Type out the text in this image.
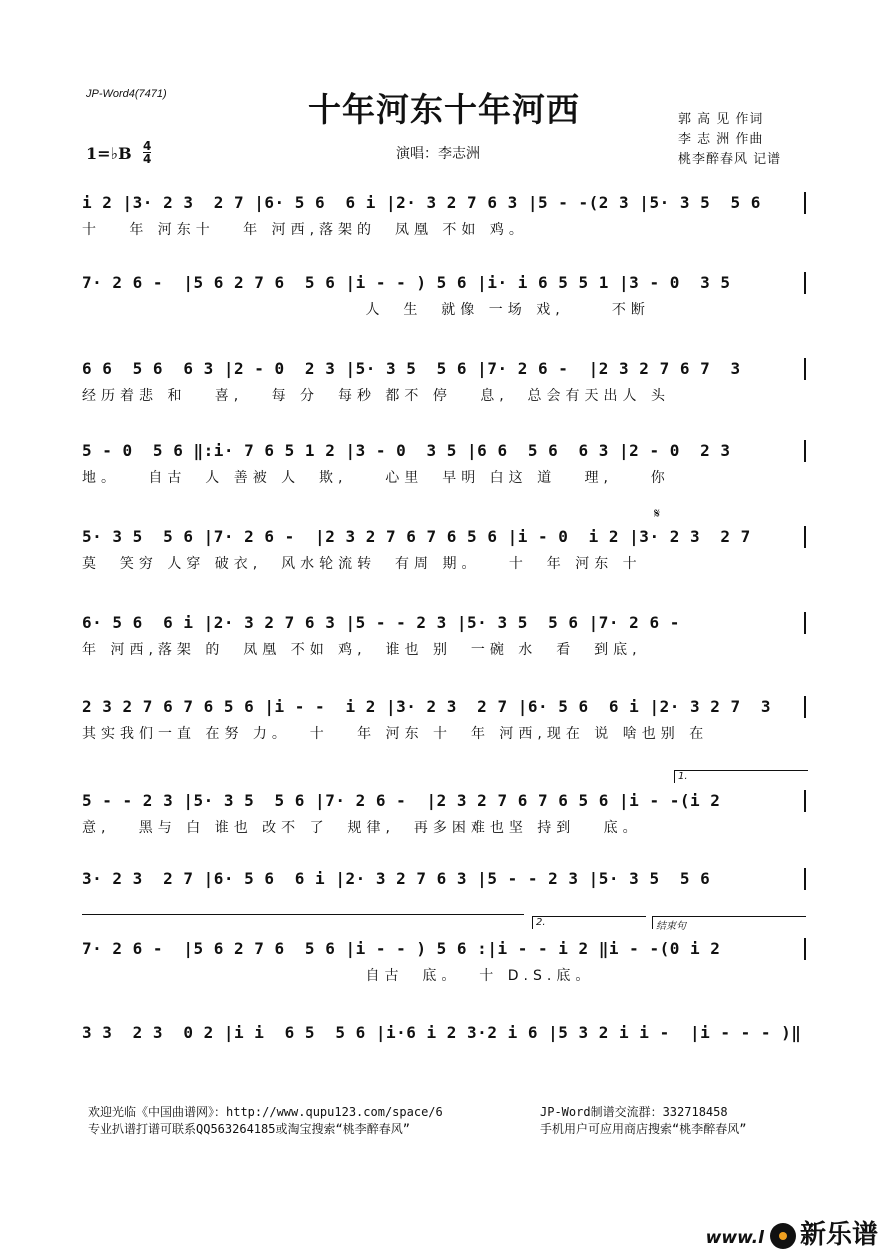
JP-Word4(7471)	十年河东十年河西
演唱：李志洲
郭 高 见 作词
李 志 洲 作曲
桃李醉春风 记谱
1=♭B 4
4
i 2 |3· 2 3  2 7 |6· 5 6  6 i |2· 3 2 7 6 3 |5 - -(2 3 |5· 3 5  5 6
十   年 河东十   年 河西,落架的  凤凰 不如 鸡。
7· 2 6 -  |5 6 2 7 6  5 6 |i - - ) 5 6 |i· i 6 5 5 1 |3 - 0  3 5
人  生  就像 一场 戏,     不断
6 6  5 6  6 3 |2 - 0  2 3 |5· 3 5  5 6 |7· 2 6 -  |2 3 2 7 6 7  3
经历着悲 和   喜,   每 分  每秒 都不 停   息,  总会有天出人 头
5 - 0  5 6 ‖:i· 7 6 5 1 2 |3 - 0  3 5 |6 6  5 6  6 3 |2 - 0  2 3
地。   自古  人 善被 人  欺,    心里  早明 白这 道   理,    你
5· 3 5  5 6 |7· 2 6 -  |2 3 2 7 6 7 6 5 6 |i - 0  i 2 |3· 2 3  2 7
莫  笑穷 人穿 破衣,  风水轮流转  有周 期。   十  年 河东 十
𝄋
6· 5 6  6 i |2· 3 2 7 6 3 |5 - - 2 3 |5· 3 5  5 6 |7· 2 6 -
年 河西,落架 的  凤凰 不如 鸡,  谁也 别  一碗 水  看  到底,
2 3 2 7 6 7 6 5 6 |i - -  i 2 |3· 2 3  2 7 |6· 5 6  6 i |2· 3 2 7  3
其实我们一直 在努 力。  十   年 河东 十  年 河西,现在 说 啥也别 在
1.
5 - - 2 3 |5· 3 5  5 6 |7· 2 6 -  |2 3 2 7 6 7 6 5 6 |i - -(i 2
意,   黑与 白 谁也 改不 了  规律,  再多困难也坚 持到   底。
3· 2 3  2 7 |6· 5 6  6 i |2· 3 2 7 6 3 |5 - - 2 3 |5· 3 5  5 6
2.	结束句
7· 2 6 -  |5 6 2 7 6  5 6 |i - - ) 5 6 :|i - - i 2 ‖i - -(0 i 2
自古  底。  十 D.S.底。
3 3  2 3  0 2 |i i  6 5  5 6 |i·6 i 2 3·2 i 6 |5 3 2 i i -  |i - - - )‖
欢迎光临《中国曲谱网》：http://www.qupu123.com/space/6
专业扒谱打谱可联系QQ563264185或淘宝搜索“桃李醉春风”
JP-Word制谱交流群：332718458
手机用户可应用商店搜索“桃李醉春风”
www.l 新乐谱
